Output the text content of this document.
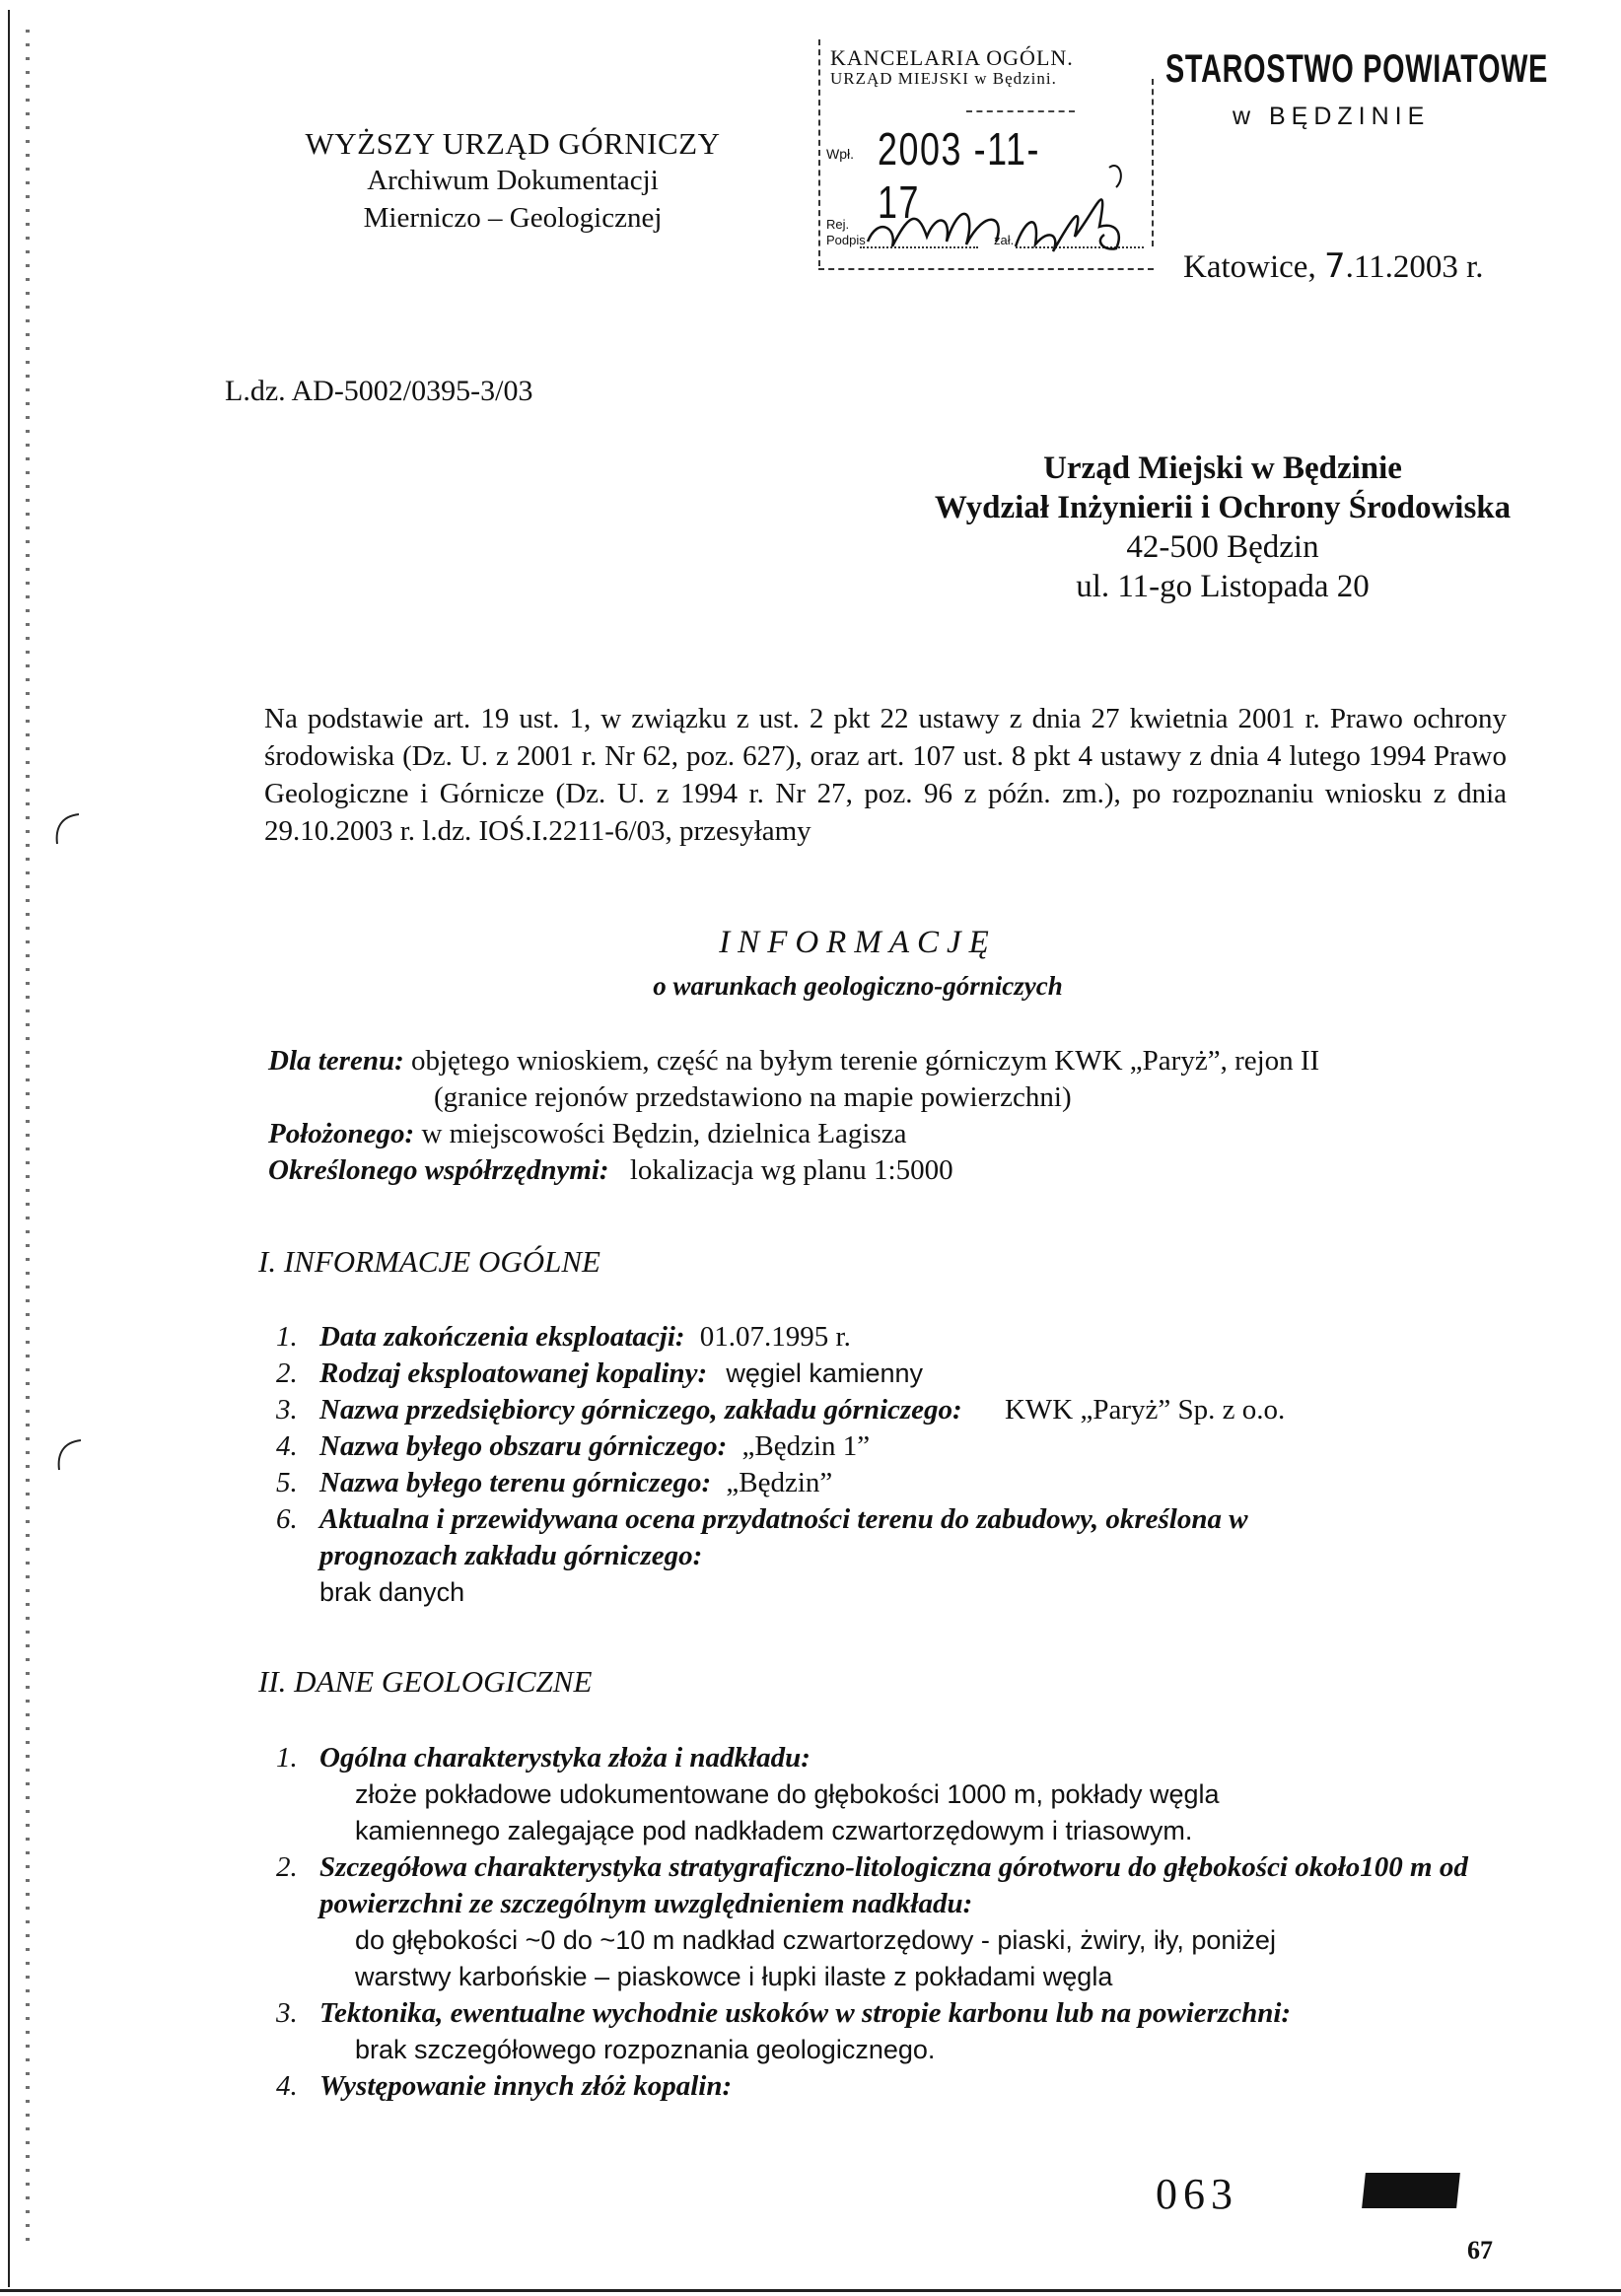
WYŻSZY URZĄD GÓRNICZY
Archiwum Dokumentacji
Mierniczo – Geologicznej
KANCELARIA OGÓLN.
URZĄD MIEJSKI w Będzini.
Wpł. 2003 -11- 17
Rej.
Podpis	zał.
STAROSTWO POWIATOWE
w BĘDZINIE
Katowice, 7.11.2003 r.
L.dz. AD-5002/0395-3/03
Urząd Miejski w Będzinie
Wydział Inżynierii i Ochrony Środowiska
42-500 Będzin
ul. 11-go Listopada 20
Na podstawie art. 19 ust. 1, w związku z ust. 2 pkt 22 ustawy z dnia 27 kwietnia 2001 r. Prawo ochrony środowiska (Dz. U. z 2001 r. Nr 62, poz. 627), oraz art. 107 ust. 8 pkt 4 ustawy z dnia 4 lutego 1994 Prawo Geologiczne i Górnicze (Dz. U. z 1994 r. Nr 27, poz. 96 z późn. zm.), po rozpoznaniu wniosku z dnia 29.10.2003 r. l.dz. IOŚ.I.2211-6/03, przesyłamy
INFORMACJĘ
o warunkach geologiczno-górniczych
Dla terenu: objętego wnioskiem, część na byłym terenie górniczym KWK „Paryż”, rejon II
(granice rejonów przedstawiono na mapie powierzchni)
Położonego: w miejscowości Będzin, dzielnica Łagisza
Określonego współrzędnymi: lokalizacja wg planu 1:5000
I. INFORMACJE OGÓLNE
1. Data zakończenia eksploatacji: 01.07.1995 r.
2. Rodzaj eksploatowanej kopaliny: węgiel kamienny
3. Nazwa przedsiębiorcy górniczego, zakładu górniczego: KWK „Paryż” Sp. z o.o.
4. Nazwa byłego obszaru górniczego: „Będzin 1”
5. Nazwa byłego terenu górniczego: „Będzin”
6. Aktualna i przewidywana ocena przydatności terenu do zabudowy, określona w prognozach zakładu górniczego:
brak danych
II. DANE GEOLOGICZNE
1. Ogólna charakterystyka złoża i nadkładu:
złoże pokładowe udokumentowane do głębokości 1000 m, pokłady węgla kamiennego zalegające pod nadkładem czwartorzędowym i triasowym.
2. Szczegółowa charakterystyka stratygraficzno-litologiczna górotworu do głębokości około100 m od powierzchni ze szczególnym uwzględnieniem nadkładu:
do głębokości ~0 do ~10 m nadkład czwartorzędowy - piaski, żwiry, iły, poniżej warstwy karbońskie – piaskowce i łupki ilaste z pokładami węgla
3. Tektonika, ewentualne wychodnie uskoków w stropie karbonu lub na powierzchni:
brak szczegółowego rozpoznania geologicznego.
4. Występowanie innych złóż kopalin:
063
67
